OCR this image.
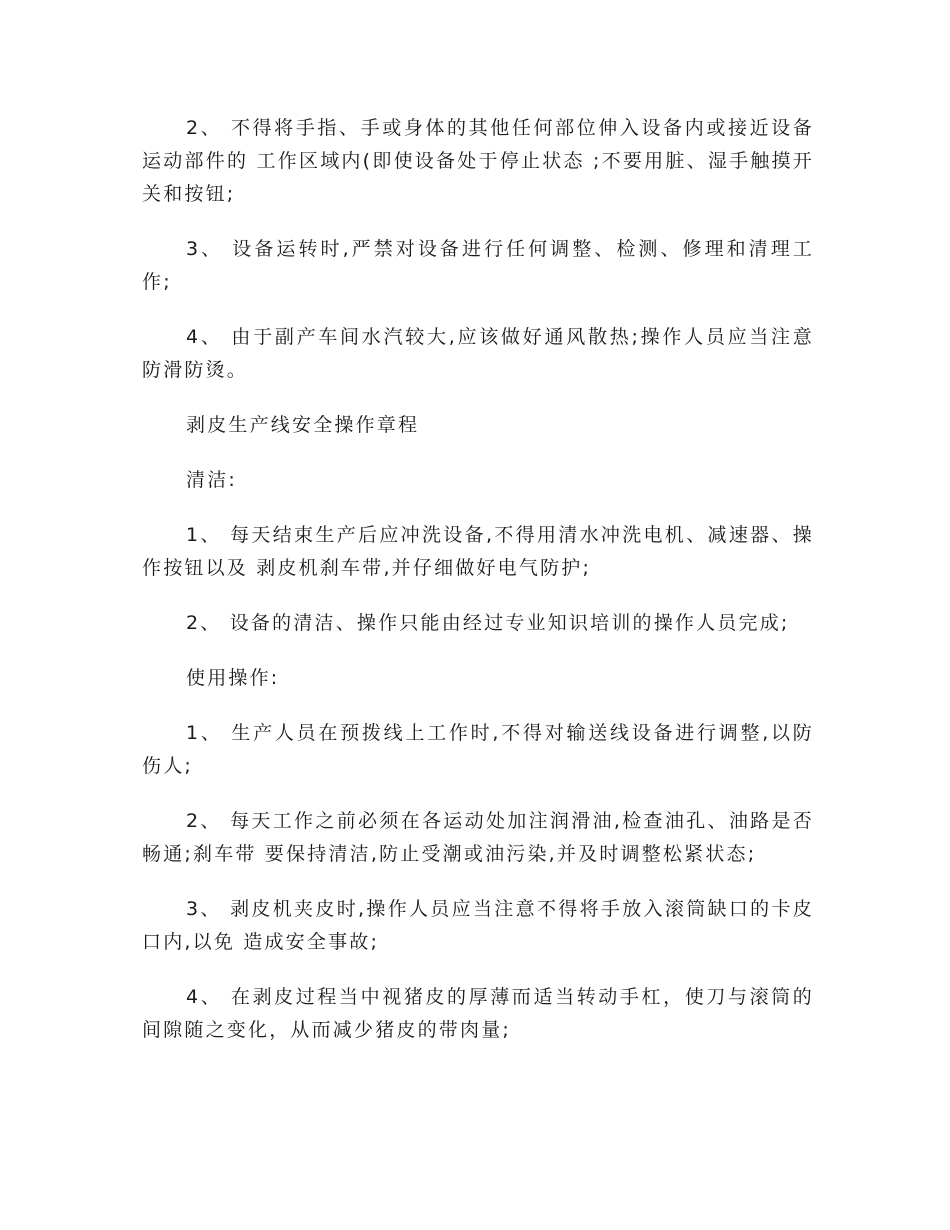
2、 不得将手指、手或身体的其他任何部位伸入设备内或接近设备运动部件的 工作区域内(即使设备处于停止状态 ;不要用脏、湿手触摸开关和按钮;

3、 设备运转时,严禁对设备进行任何调整、检测、修理和清理工作;

4、 由于副产车间水汽较大,应该做好通风散热;操作人员应当注意防滑防烫。

剥皮生产线安全操作章程

清洁:

1、 每天结束生产后应冲洗设备,不得用清水冲洗电机、减速器、操作按钮以及 剥皮机刹车带,并仔细做好电气防护;

2、 设备的清洁、操作只能由经过专业知识培训的操作人员完成;

使用操作:

1、 生产人员在预拨线上工作时,不得对输送线设备进行调整,以防伤人;

2、 每天工作之前必须在各运动处加注润滑油,检查油孔、油路是否畅通;刹车带 要保持清洁,防止受潮或油污染,并及时调整松紧状态;

3、 剥皮机夹皮时,操作人员应当注意不得将手放入滚筒缺口的卡皮口内,以免 造成安全事故;

4、 在剥皮过程当中视猪皮的厚薄而适当转动手杠，使刀与滚筒的间隙随之变化，从而减少猪皮的带肉量;
